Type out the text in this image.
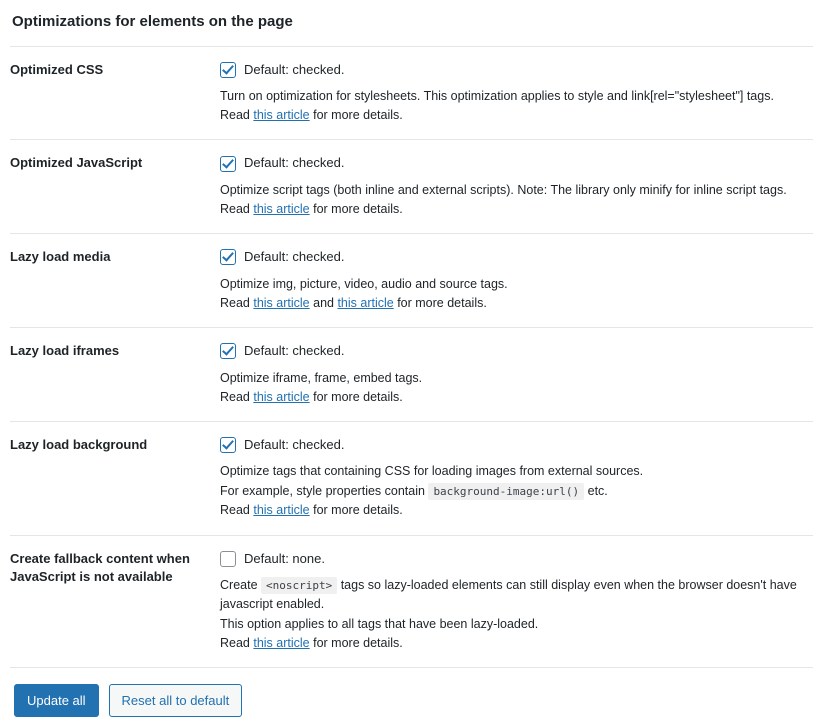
Optimizations for elements on the page
Optimized CSS	Default: checked.
Turn on optimization for stylesheets. This optimization applies to style and link[rel="stylesheet"] tags.
Read this article for more details.

Optimized JavaScript	Default: checked.
Optimize script tags (both inline and external scripts). Note: The library only minify for inline script tags.
Read this article for more details.

Lazy load media	Default: checked.
Optimize img, picture, video, audio and source tags.
Read this article and this article for more details.

Lazy load iframes	Default: checked.
Optimize iframe, frame, embed tags.
Read this article for more details.

Lazy load background	Default: checked.
Optimize tags that containing CSS for loading images from external sources.
For example, style properties contain background-image:url() etc.
Read this article for more details.

Create fallback content when JavaScript is not available	Default: none.
Create <noscript> tags so lazy-loaded elements can still display even when the browser doesn't have
javascript enabled.
This option applies to all tags that have been lazy-loaded.
Read this article for more details.
Update all	Reset all to default
